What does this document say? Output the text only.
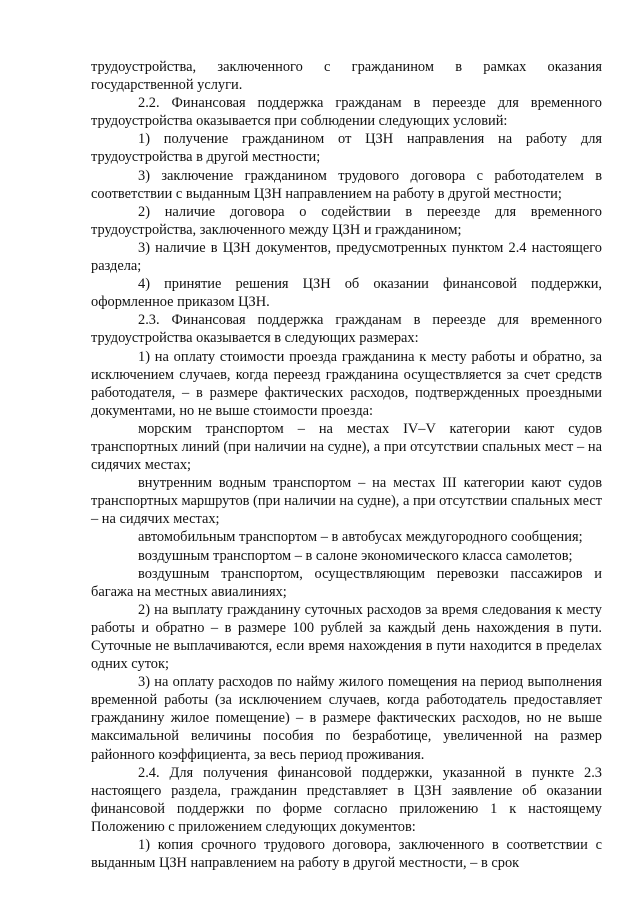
трудоустройства, заключенного с гражданином в рамках оказания государственной услуги.

2.2. Финансовая поддержка гражданам в переезде для временного трудоустройства оказывается при соблюдении следующих условий:

1) получение гражданином от ЦЗН направления на работу для трудоустройства в другой местности;

3) заключение гражданином трудового договора с работодателем в соответствии с выданным ЦЗН направлением на работу в другой местности;

2) наличие договора о содействии в переезде для временного трудоустройства, заключенного между ЦЗН и гражданином;

3) наличие в ЦЗН документов, предусмотренных пунктом 2.4 настоящего раздела;

4) принятие решения ЦЗН об оказании финансовой поддержки, оформленное приказом ЦЗН.

2.3. Финансовая поддержка гражданам в переезде для временного трудоустройства оказывается в следующих размерах:

1) на оплату стоимости проезда гражданина к месту работы и обратно, за исключением случаев, когда переезд гражданина осуществляется за счет средств работодателя, – в размере фактических расходов, подтвержденных проездными документами, но не выше стоимости проезда:

морским транспортом – на местах IV–V категории кают судов транспортных линий (при наличии на судне), а при отсутствии спальных мест – на сидячих местах;

внутренним водным транспортом – на местах III категории кают судов транспортных маршрутов (при наличии на судне), а при отсутствии спальных мест – на сидячих местах;

автомобильным транспортом – в автобусах междугородного сообщения;

воздушным транспортом – в салоне экономического класса самолетов;

воздушным транспортом, осуществляющим перевозки пассажиров и багажа на местных авиалиниях;

2) на выплату гражданину суточных расходов за время следования к месту работы и обратно – в размере 100 рублей за каждый день нахождения в пути. Суточные не выплачиваются, если время нахождения в пути находится в пределах одних суток;

3) на оплату расходов по найму жилого помещения на период выполнения временной работы (за исключением случаев, когда работодатель предоставляет гражданину жилое помещение) – в размере фактических расходов, но не выше максимальной величины пособия по безработице, увеличенной на размер районного коэффициента, за весь период проживания.

2.4. Для получения финансовой поддержки, указанной в пункте 2.3 настоящего раздела, гражданин представляет в ЦЗН заявление об оказании финансовой поддержки по форме согласно приложению 1 к настоящему Положению с приложением следующих документов:

1) копия срочного трудового договора, заключенного в соответствии с выданным ЦЗН направлением на работу в другой местности, – в срок
